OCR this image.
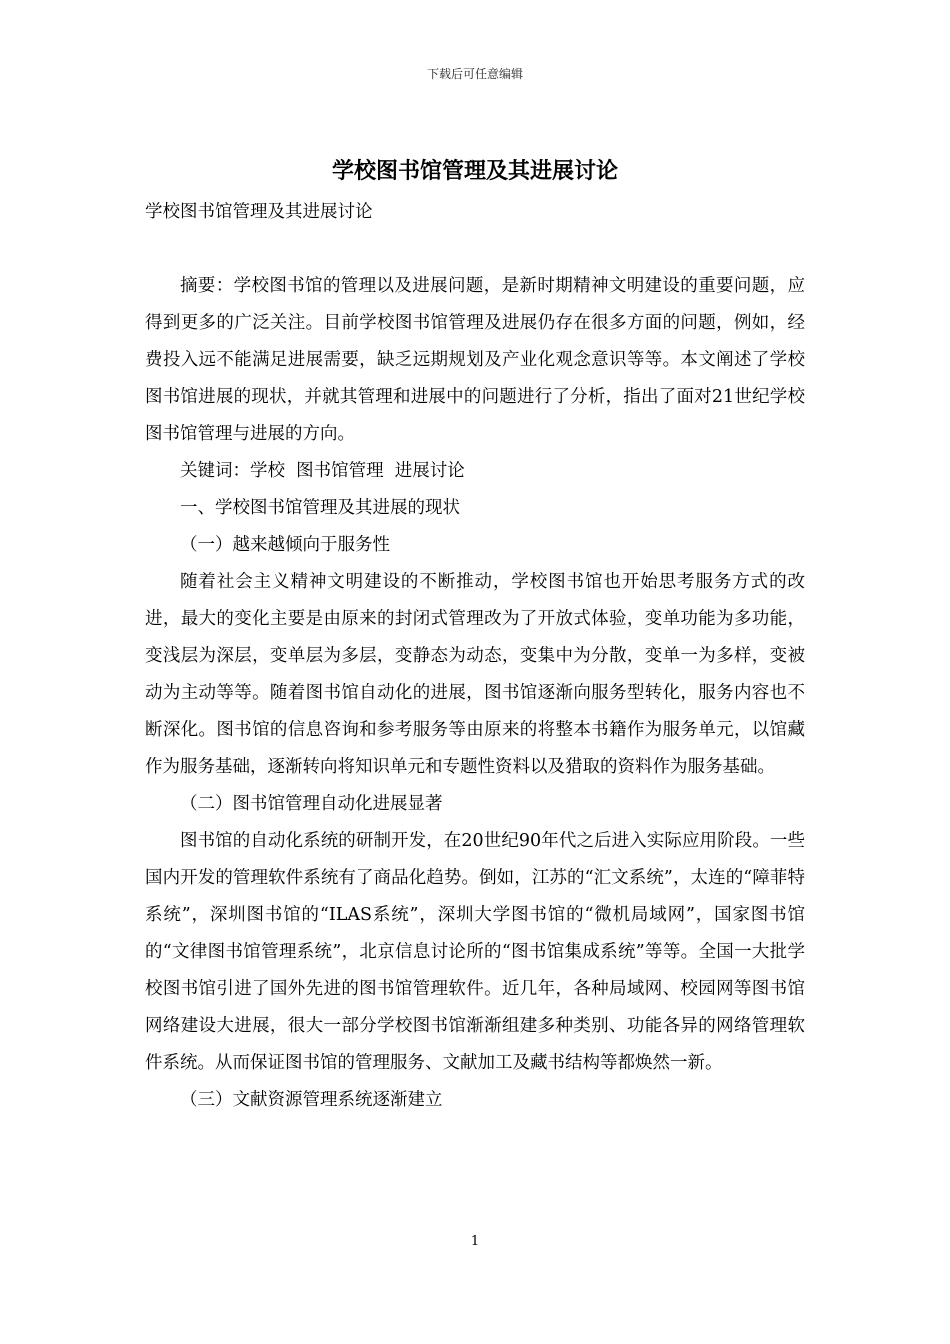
下载后可任意编辑
学校图书馆管理及其进展讨论
学校图书馆管理及其进展讨论

摘要：学校图书馆的管理以及进展问题，是新时期精神文明建设的重要问题，应得到更多的广泛关注。目前学校图书馆管理及进展仍存在很多方面的问题，例如，经费投入远不能满足进展需要，缺乏远期规划及产业化观念意识等等。本文阐述了学校图书馆进展的现状，并就其管理和进展中的问题进行了分析，指出了面对21世纪学校图书馆管理与进展的方向。

关键词：学校  图书馆管理  进展讨论

一、学校图书馆管理及其进展的现状

（一）越来越倾向于服务性

随着社会主义精神文明建设的不断推动，学校图书馆也开始思考服务方式的改进，最大的变化主要是由原来的封闭式管理改为了开放式体验，变单功能为多功能，变浅层为深层，变单层为多层，变静态为动态，变集中为分散，变单一为多样，变被动为主动等等。随着图书馆自动化的进展，图书馆逐渐向服务型转化，服务内容也不断深化。图书馆的信息咨询和参考服务等由原来的将整本书籍作为服务单元，以馆藏作为服务基础，逐渐转向将知识单元和专题性资料以及猎取的资料作为服务基础。

（二）图书馆管理自动化进展显著

图书馆的自动化系统的研制开发，在20世纪90年代之后进入实际应用阶段。一些国内开发的管理软件系统有了商品化趋势。倒如，江苏的“汇文系统”，太连的“障菲特系统”，深圳图书馆的“ILAS系统”，深圳大学图书馆的“微机局域网”，国家图书馆的“文律图书馆管理系统”，北京信息讨论所的“图书馆集成系统”等等。全国一大批学校图书馆引进了国外先进的图书馆管理软件。近几年，各种局域网、校园网等图书馆网络建设大进展，很大一部分学校图书馆渐渐组建多种类别、功能各异的网络管理软件系统。从而保证图书馆的管理服务、文献加工及藏书结构等都焕然一新。

（三）文献资源管理系统逐渐建立

1
